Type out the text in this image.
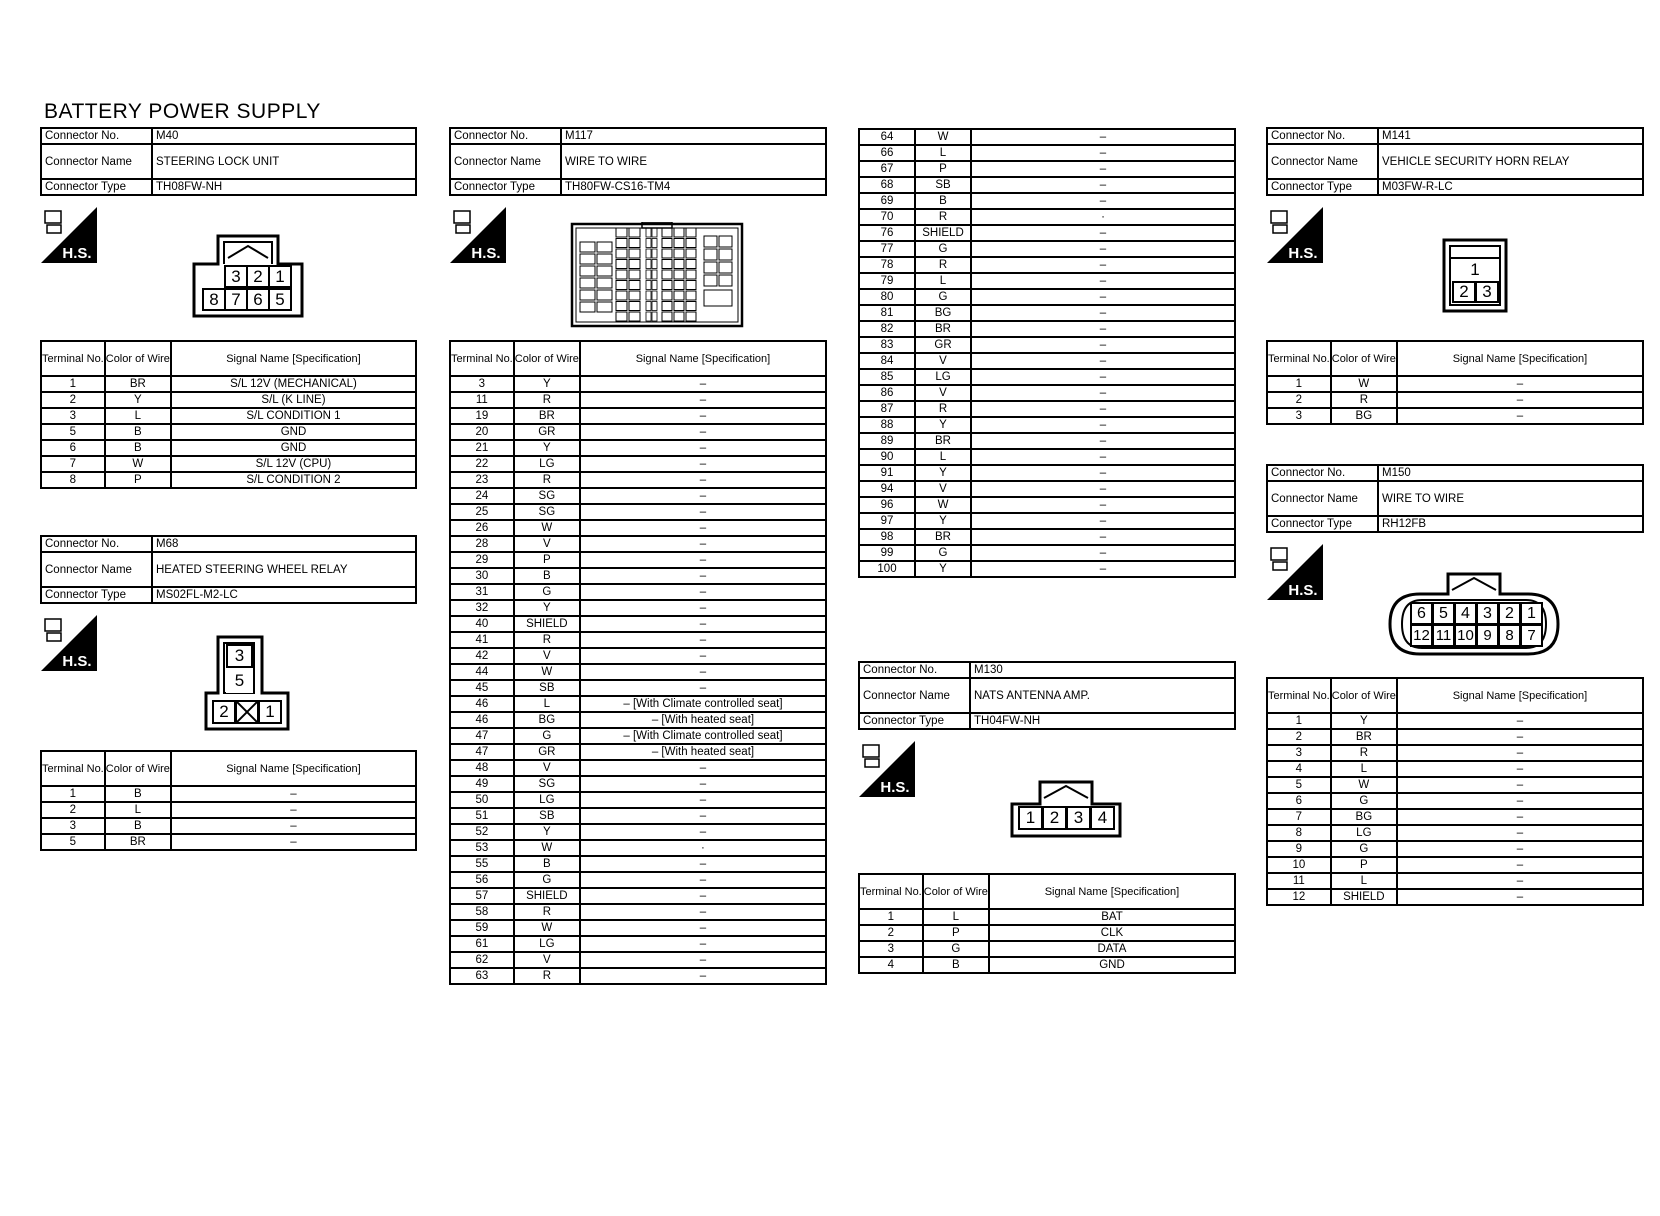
BATTERY POWER SUPPLY
Connector No.	M40
Connector Name	STEERING LOCK UNIT
Connector Type	TH08FW-NH
H.S.
3 2 1
8 7 6 5
Terminal No.	Color of Wire	Signal Name [Specification]
1	BR	S/L 12V (MECHANICAL)
2	Y	S/L (K LINE)
3	L	S/L CONDITION 1
5	B	GND
6	B	GND
7	W	S/L 12V (CPU)
8	P	S/L CONDITION 2
Connector No.	M68
Connector Name	HEATED STEERING WHEEL RELAY
Connector Type	MS02FL-M2-LC
H.S.	3
5
2	1
Terminal No.	Color of Wire	Signal Name [Specification]
1	B	–
2	L	–
3	B	–
5	BR	–
Connector No.	M117
Connector Name	WIRE TO WIRE
Connector Type	TH80FW-CS16-TM4
H.S.
Terminal No.	Color of Wire	Signal Name [Specification]
3	Y	–
11	R	–
19	BR	–
20	GR	–
21	Y	–
22	LG	–
23	R	–
24	SG	–
25	SG	–
26	W	–
28	V	–
29	P	–
30	B	–
31	G	–
32	Y	–
40	SHIELD	–
41	R	–
42	V	–
44	W	–
45	SB	–
46	L	– [With Climate controlled seat]
46	BG	– [With heated seat]
47	G	– [With Climate controlled seat]
47	GR	– [With heated seat]
48	V	–
49	SG	–
50	LG	–
51	SB	–
52	Y	–
53	W	·
55	B	–
56	G	–
57	SHIELD	–
58	R	–
59	W	–
61	LG	–
62	V	–
63	R	–
64	W	–
66	L	–
67	P	–
68	SB	–
69	B	–
70	R	·
76	SHIELD	–
77	G	–
78	R	–
79	L	–
80	G	–
81	BG	–
82	BR	–
83	GR	–
84	V	–
85	LG	–
86	V	–
87	R	–
88	Y	–
89	BR	–
90	L	–
91	Y	–
94	V	–
96	W	–
97	Y	–
98	BR	–
99	G	–
100	Y	–
Connector No.	M130
Connector Name	NATS ANTENNA AMP.
Connector Type	TH04FW-NH
H.S.
1 2 3 4
Terminal No.	Color of Wire	Signal Name [Specification]
1	L	BAT
2	P	CLK
3	G	DATA
4	B	GND
Connector No.	M141
Connector Name	VEHICLE SECURITY HORN RELAY
Connector Type	M03FW-R-LC
H.S.
1
2 3
Terminal No.	Color of Wire	Signal Name [Specification]
1	W	–
2	R	–
3	BG	–
Connector No.	M150
Connector Name	WIRE TO WIRE
Connector Type	RH12FB
H.S.
6
12
5
11
4
10
3
9
2
8
1
7
Terminal No.	Color of Wire	Signal Name [Specification]
1	Y	–
2	BR	–
3	R	–
4	L	–
5	W	–
6	G	–
7	BG	–
8	LG	–
9	G	–
10	P	–
11	L	–
12	SHIELD	–
